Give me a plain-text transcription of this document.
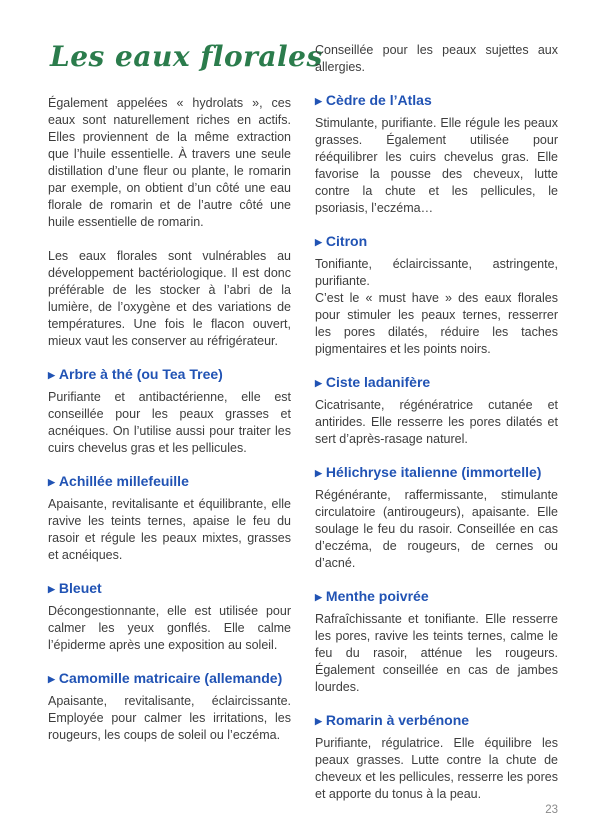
Les eaux florales

Également appelées « hydrolats », ces eaux sont naturellement riches en actifs. Elles proviennent de la même extraction que l’huile essentielle. À travers une seule distillation d’une fleur ou plante, le romarin par exemple, on obtient d’un côté une eau florale de romarin et de l’autre côté une huile essentielle de romarin.

Les eaux florales sont vulnérables au développement bactériologique. Il est donc préférable de les stocker à l’abri de la lumière, de l’oxygène et des variations de températures. Une fois le flacon ouvert, mieux vaut les conserver au réfrigérateur.

▶ Arbre à thé (ou Tea Tree)

Purifiante et antibactérienne, elle est conseillée pour les peaux grasses et acnéiques. On l’utilise aussi pour traiter les cuirs chevelus gras et les pellicules.

▶ Achillée millefeuille

Apaisante, revitalisante et équilibrante, elle ravive les teints ternes, apaise le feu du rasoir et régule les peaux mixtes, grasses et acnéiques.

▶ Bleuet

Décongestionnante, elle est utilisée pour calmer les yeux gonflés. Elle calme l’épiderme après une exposition au soleil.

▶ Camomille matricaire (allemande)

Apaisante, revitalisante, éclaircissante. Employée pour calmer les irritations, les rougeurs, les coups de soleil ou l’eczéma.

Conseillée pour les peaux sujettes aux allergies.

▶ Cèdre de l’Atlas

Stimulante, purifiante. Elle régule les peaux grasses. Également utilisée pour rééquilibrer les cuirs chevelus gras. Elle favorise la pousse des cheveux, lutte contre la chute et les pellicules, le psoriasis, l’eczéma…

▶ Citron

Tonifiante, éclaircissante, astringente, purifiante.

C’est le « must have » des eaux florales pour stimuler les peaux ternes, resserrer les pores dilatés, réduire les taches pigmentaires et les points noirs.

▶ Ciste ladanifère

Cicatrisante, régénératrice cutanée et antirides. Elle resserre les pores dilatés et sert d’après-rasage naturel.

▶ Hélichryse italienne (immortelle)

Régénérante, raffermissante, stimulante circulatoire (antirougeurs), apaisante. Elle soulage le feu du rasoir. Conseillée en cas d’eczéma, de rougeurs, de cernes ou d’acné.

▶ Menthe poivrée

Rafraîchissante et tonifiante. Elle resserre les pores, ravive les teints ternes, calme le feu du rasoir, atténue les rougeurs. Également conseillée en cas de jambes lourdes.

▶ Romarin à verbénone

Purifiante, régulatrice. Elle équilibre les peaux grasses. Lutte contre la chute de cheveux et les pellicules, resserre les pores et apporte du tonus à la peau.

23
